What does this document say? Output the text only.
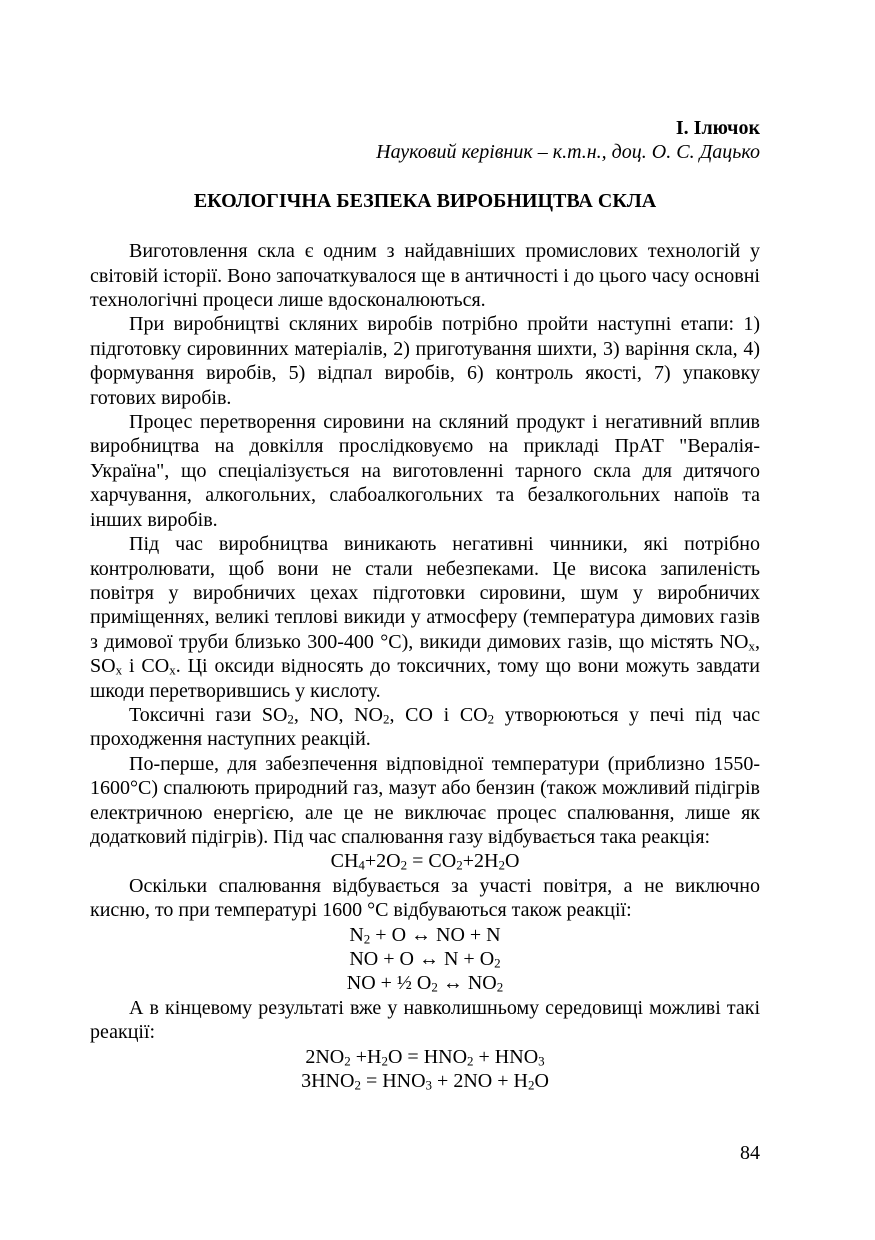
І. Ілючок
Науковий керівник – к.т.н., доц. О. С. Дацько
ЕКОЛОГІЧНА БЕЗПЕКА ВИРОБНИЦТВА СКЛА

Виготовлення скла є одним з найдавніших промислових технологій у світовій історії. Воно започаткувалося ще в античності і до цього часу основні технологічні процеси лише вдосконалюються.

При виробництві скляних виробів потрібно пройти наступні етапи: 1) підготовку сировинних матеріалів, 2) приготування шихти, 3) варіння скла, 4) формування виробів, 5) відпал виробів, 6) контроль якості, 7) упаковку готових виробів.

Процес перетворення сировини на скляний продукт і негативний вплив виробництва на довкілля прослідковуємо на прикладі ПрАТ "Вералія-Україна", що спеціалізується на виготовленні тарного скла для дитячого харчування, алкогольних, слабоалкогольних та безалкогольних напоїв та інших виробів.

Під час виробництва виникають негативні чинники, які потрібно контролювати, щоб вони не стали небезпеками. Це висока запиленість повітря у виробничих цехах підготовки сировини, шум у виробничих приміщеннях, великі теплові викиди у атмосферу (температура димових газів з димової труби близько 300-400 °С), викиди димових газів, що містять $NO_x$, $SO_x$ і $CO_x$. Ці оксиди відносять до токсичних, тому що вони можуть завдати шкоди перетворившись у кислоту.

Токсичні гази $SO_2$, NO, $NO_2$, CO і $CO_2$ утворюються у печі під час проходження наступних реакцій.

По-перше, для забезпечення відповідної температури (приблизно 1550-1600°С) спалюють природний газ, мазут або бензин (також можливий підігрів електричною енергією, але це не виключає процес спалювання, лише як додатковий підігрів). Під час спалювання газу відбувається така реакція:

$CH_4+2O_2 = CO_2+2H_2O$

Оскільки спалювання відбувається за участі повітря, а не виключно кисню, то при температурі 1600 °С відбуваються також реакції:

$N_2 + O$ ↔ NO + N
NO + O ↔ $N + O_2$
NO + ½ $O_2$ ↔ $NO_2$

А в кінцевому результаті вже у навколишньому середовищі можливі такі реакції:

$2NO_2 +H_2O = HNO_2 + HNO_3$
$3HNO_2 = HNO_3 + 2NO + H_2O$
84
